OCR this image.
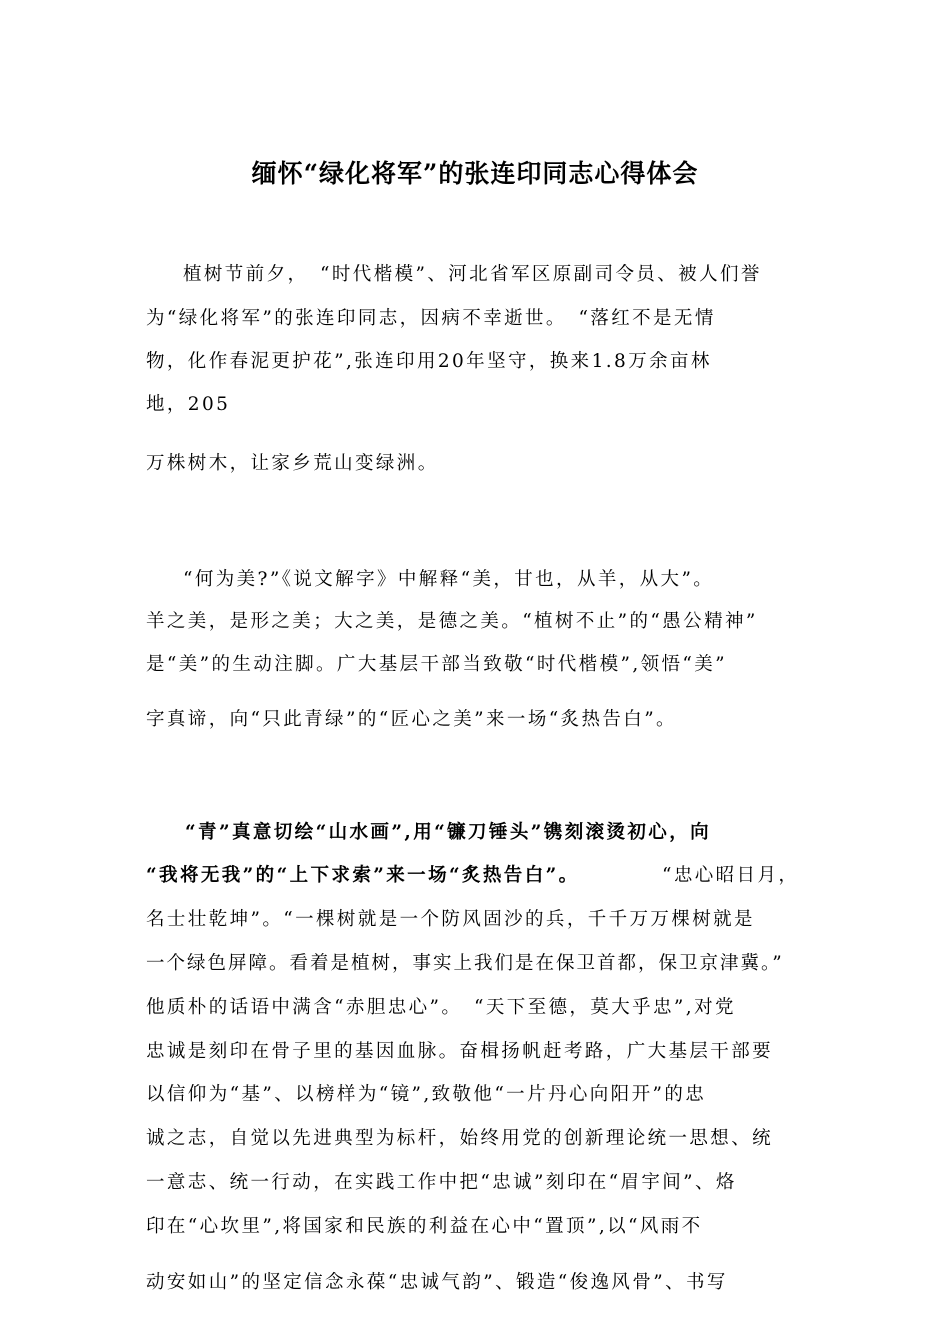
缅怀“绿化将军”的张连印同志心得体会
植树节前夕，　“时代楷模”、河北省军区原副司令员、被人们誉
为“绿化将军”的张连印同志，因病不幸逝世。　“落红不是无情
物，化作春泥更护花”,张连印用20年坚守，换来1.8万余亩林
地，205
万株树木，让家乡荒山变绿洲。
“何为美?”《说文解字》中解释“美，甘也，从羊，从大”。
羊之美，是形之美；大之美，是德之美。“植树不止”的“愚公精神”
是“美”的生动注脚。广大基层干部当致敬“时代楷模”,领悟“美”
字真谛，向“只此青绿”的“匠心之美”来一场“炙热告白”。
“青”真意切绘“山水画”,用“镰刀锤头”镌刻滚烫初心，向
“我将无我”的“上下求索”来一场“炙热告白”。	“忠心昭日月，
名士壮乾坤”。“一棵树就是一个防风固沙的兵，千千万万棵树就是
一个绿色屏障。看着是植树，事实上我们是在保卫首都，保卫京津冀。”
他质朴的话语中满含“赤胆忠心”。　“天下至德，莫大乎忠”,对党
忠诚是刻印在骨子里的基因血脉。奋楫扬帆赶考路，广大基层干部要
以信仰为“基”、以榜样为“镜”,致敬他“一片丹心向阳开”的忠
诚之志，自觉以先进典型为标杆，始终用党的创新理论统一思想、统
一意志、统一行动，在实践工作中把“忠诚”刻印在“眉宇间”、烙
印在“心坎里”,将国家和民族的利益在心中“置顶”,以“风雨不
动安如山”的坚定信念永葆“忠诚气韵”、锻造“俊逸风骨”、书写
